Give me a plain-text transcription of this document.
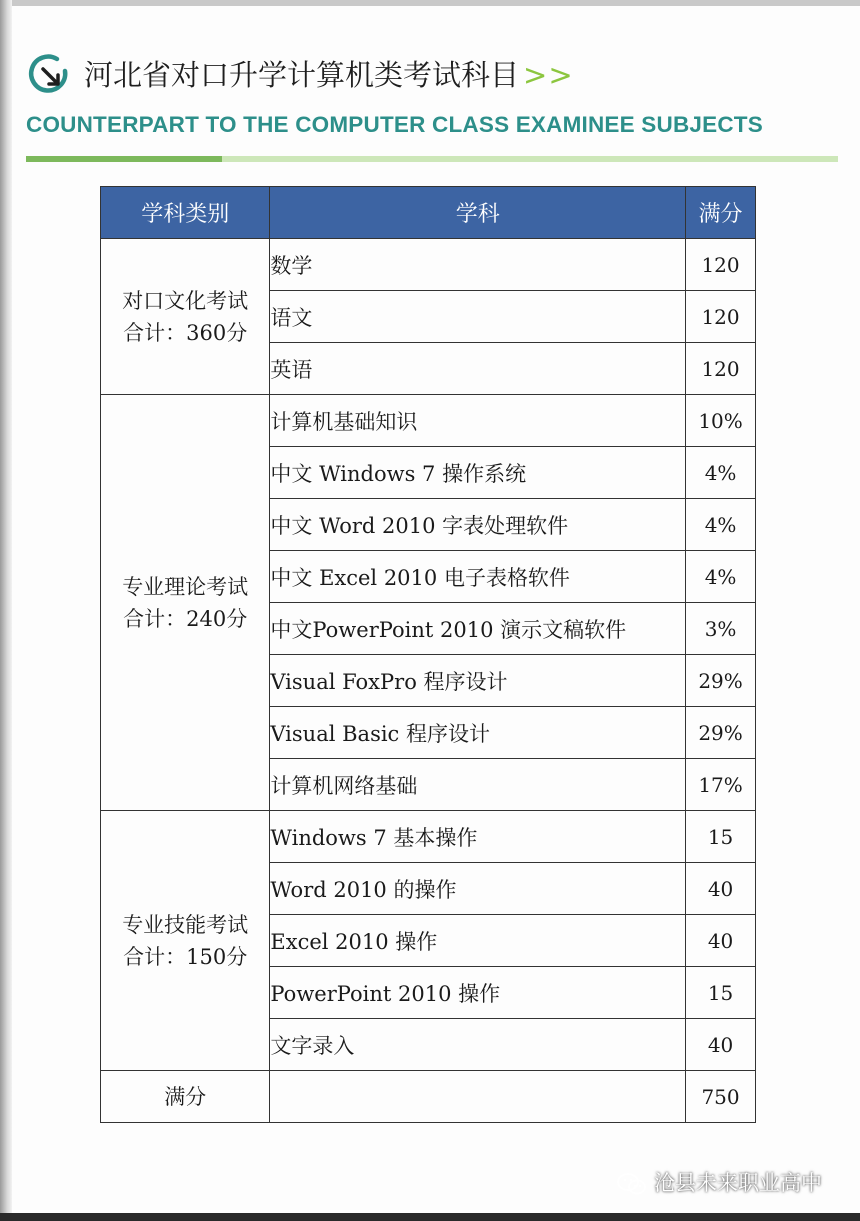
河北省对口升学计算机类考试科目 >>
COUNTERPART TO THE COMPUTER CLASS EXAMINEE SUBJECTS
学科类别	学科	满分
对口文化考试
合计：360分	数学	120
	语文	120
	英语	120
专业理论考试
合计：240分	计算机基础知识	10%
	中文 Windows 7 操作系统	4%
	中文 Word 2010 字表处理软件	4%
	中文 Excel 2010 电子表格软件	4%
	中文PowerPoint 2010 演示文稿软件	3%
	Visual FoxPro 程序设计	29%
	Visual Basic 程序设计	29%
	计算机网络基础	17%
专业技能考试
合计：150分	Windows 7 基本操作	15
	Word 2010 的操作	40
	Excel 2010 操作	40
	PowerPoint 2010 操作	15
	文字录入	40
满分		750
沧县未来职业高中
